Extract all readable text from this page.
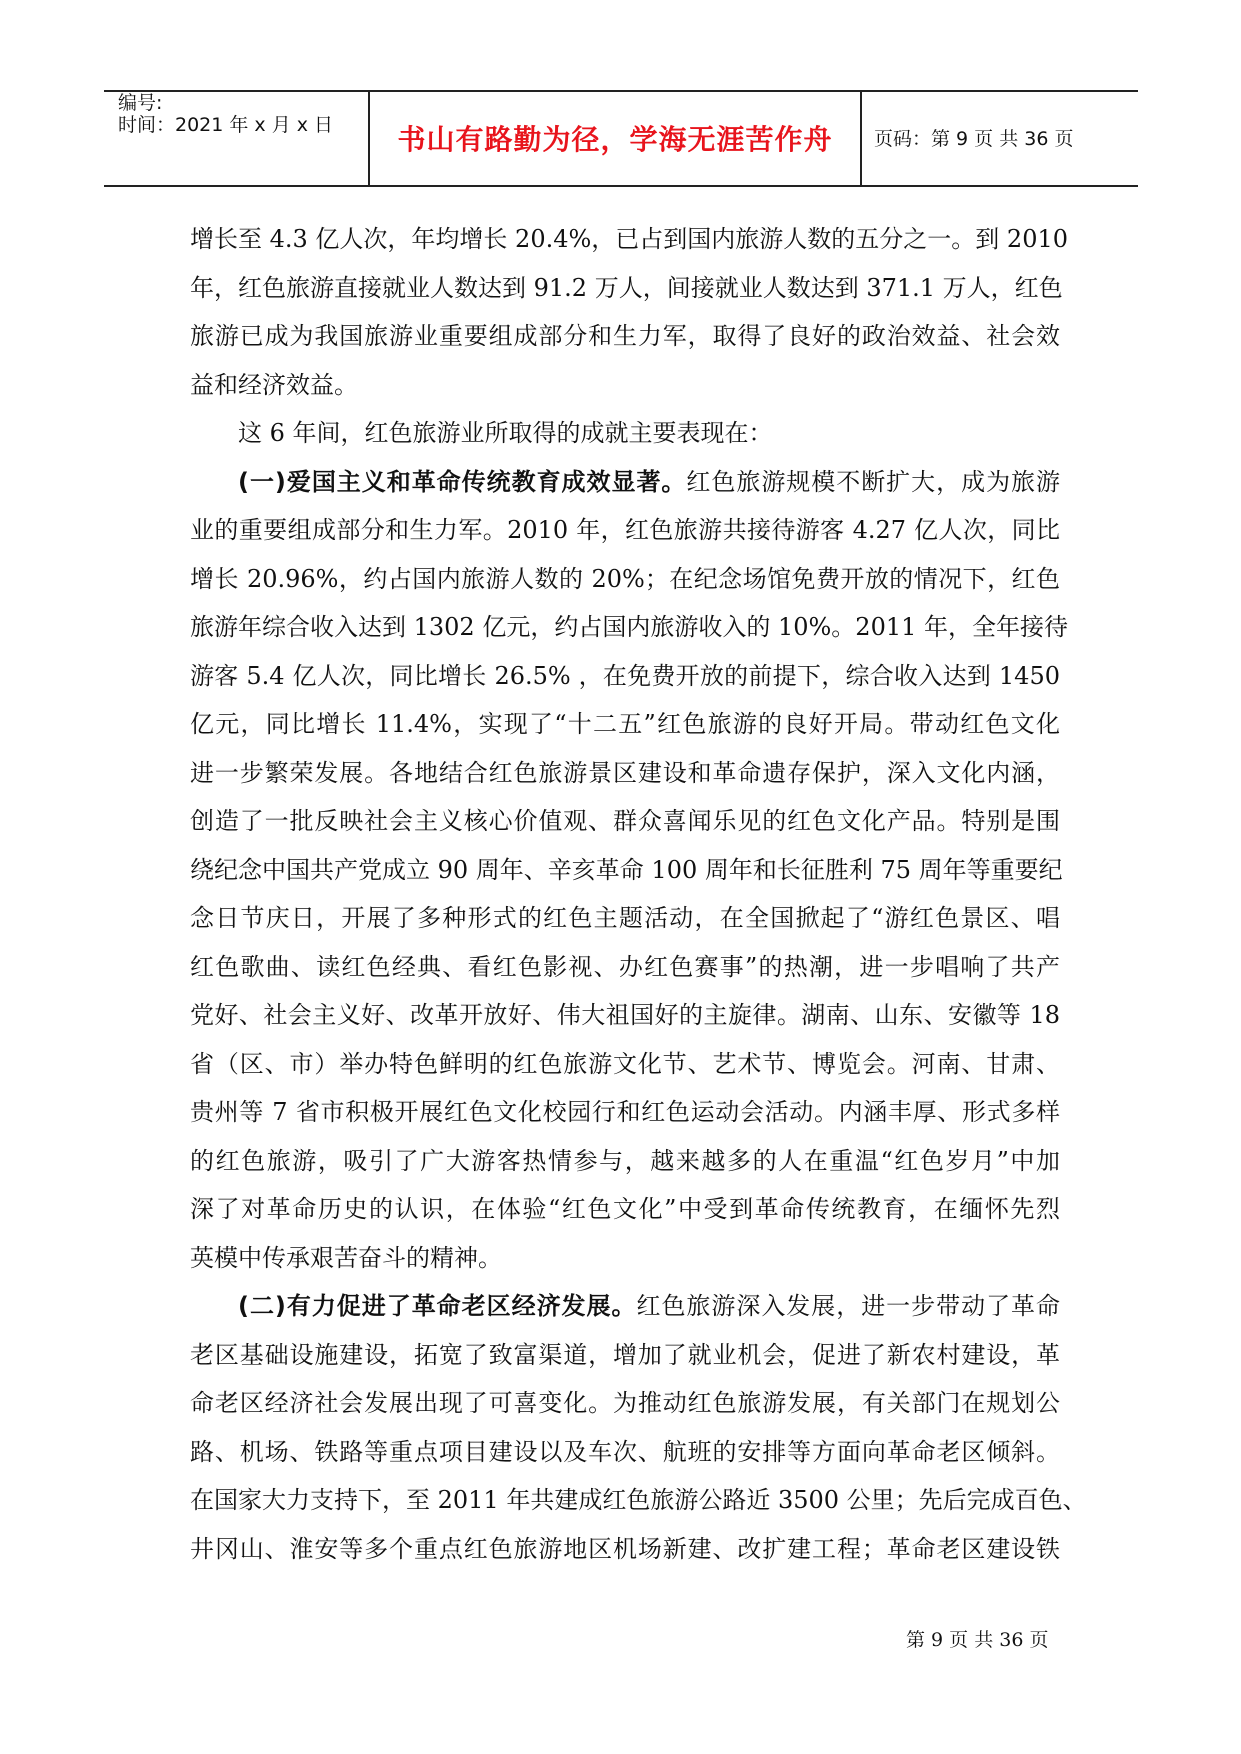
编号:
时间：2021 年 x 月 x 日	书山有路勤为径，学海无涯苦作舟	页码：第 9 页 共 36 页
增长至 4.3 亿人次，年均增长 20.4%，已占到国内旅游人数的五分之一。到 2010
年，红色旅游直接就业人数达到 91.2 万人，间接就业人数达到 371.1 万人，红色
旅游已成为我国旅游业重要组成部分和生力军，取得了良好的政治效益、社会效
益和经济效益。
这 6 年间，红色旅游业所取得的成就主要表现在：
(一)爱国主义和革命传统教育成效显著。红色旅游规模不断扩大，成为旅游
业的重要组成部分和生力军。2010 年，红色旅游共接待游客 4.27 亿人次，同比
增长 20.96%，约占国内旅游人数的 20%；在纪念场馆免费开放的情况下，红色
旅游年综合收入达到 1302 亿元，约占国内旅游收入的 10%。2011 年，全年接待
游客 5.4 亿人次，同比增长 26.5% ，在免费开放的前提下，综合收入达到 1450
亿元，同比增长 11.4%，实现了“十二五”红色旅游的良好开局。带动红色文化
进一步繁荣发展。各地结合红色旅游景区建设和革命遗存保护，深入文化内涵，
创造了一批反映社会主义核心价值观、群众喜闻乐见的红色文化产品。特别是围
绕纪念中国共产党成立 90 周年、辛亥革命 100 周年和长征胜利 75 周年等重要纪
念日节庆日，开展了多种形式的红色主题活动，在全国掀起了“游红色景区、唱
红色歌曲、读红色经典、看红色影视、办红色赛事”的热潮，进一步唱响了共产
党好、社会主义好、改革开放好、伟大祖国好的主旋律。湖南、山东、安徽等 18
省（区、市）举办特色鲜明的红色旅游文化节、艺术节、博览会。河南、甘肃、
贵州等 7 省市积极开展红色文化校园行和红色运动会活动。内涵丰厚、形式多样
的红色旅游，吸引了广大游客热情参与，越来越多的人在重温“红色岁月”中加
深了对革命历史的认识，在体验“红色文化”中受到革命传统教育，在缅怀先烈
英模中传承艰苦奋斗的精神。
(二)有力促进了革命老区经济发展。红色旅游深入发展，进一步带动了革命
老区基础设施建设，拓宽了致富渠道，增加了就业机会，促进了新农村建设，革
命老区经济社会发展出现了可喜变化。为推动红色旅游发展，有关部门在规划公
路、机场、铁路等重点项目建设以及车次、航班的安排等方面向革命老区倾斜。
在国家大力支持下，至 2011 年共建成红色旅游公路近 3500 公里；先后完成百色、
井冈山、淮安等多个重点红色旅游地区机场新建、改扩建工程；革命老区建设铁
第 9 页 共 36 页
